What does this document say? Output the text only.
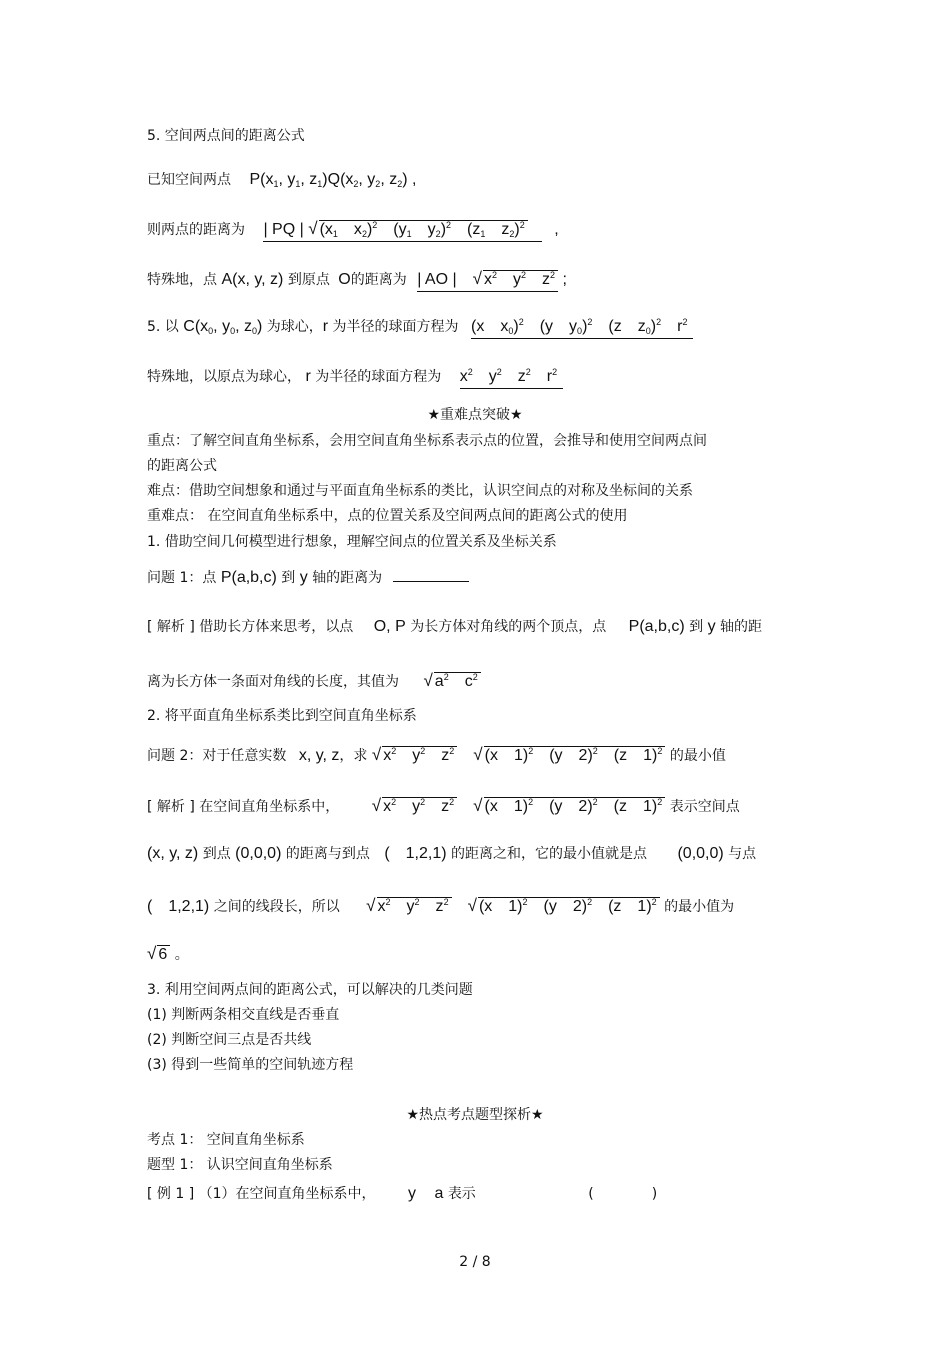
5. 空间两点间的距离公式
已知空间两点 $P(x_1$, $y_1$, $z_1)Q(x_2$, $y_2$, $z_2$) ,
则两点的距离为 | PQ | √ ($x_1$　$x_2)^2$　($y_1$　$y_2)^2$　($z_1$　$z_2)^2$ ,
特殊地，点 A(x, y, z) 到原点 O的距离为 | AO |　 √ $x^2$　$y^2$　$z^2$ ;
5. 以 $C(x_0$, $y_0$, $z_0$) 为球心，r 为半径的球面方程为 (x　$x_0)^2$　(y　$y_0)^2$　(z　$z_0)^2$　$r^2$
特殊地，以原点为球心， r 为半径的球面方程为 $x^2$　$y^2$　$z^2$　$r^2$
★重难点突破★
重点：了解空间直角坐标系，会用空间直角坐标系表示点的位置，会推导和使用空间两点间
的距离公式
难点：借助空间想象和通过与平面直角坐标系的类比，认识空间点的对称及坐标间的关系
重难点： 在空间直角坐标系中，点的位置关系及空间两点间的距离公式的使用
1. 借助空间几何模型进行想象，理解空间点的位置关系及坐标关系
问题 1：点 P(a,b,c) 到 y 轴的距离为
[ 解析 ] 借助长方体来思考，以点 O, P 为长方体对角线的两个顶点，点 P(a,b,c) 到 y 轴的距
离为长方体一条面对角线的长度，其值为 √ $a^2$　$c^2$
2. 将平面直角坐标系类比到空间直角坐标系
问题 2：对于任意实数 x, y, z，求 √ $x^2$　$y^2$　$z^2$　 √ (x　1)$^2$　(y　2)$^2$　(z　1)$^2$ 的最小值
[ 解析 ] 在空间直角坐标系中， √ $x^2$　$y^2$　$z^2$　 √ (x　1)$^2$　(y　2)$^2$　(z　1)$^2$ 表示空间点
(x, y, z) 到点 (0,0,0) 的距离与到点 (　1,2,1) 的距离之和，它的最小值就是点 (0,0,0) 与点
(　1,2,1) 之间的线段长，所以 √ $x^2$　$y^2$　$z^2$　 √ (x　1)$^2$　(y　2)$^2$　(z　1)$^2$ 的最小值为
√ 6 。
3. 利用空间两点间的距离公式，可以解决的几类问题
(1) 判断两条相交直线是否垂直
(2) 判断空间三点是否共线
(3) 得到一些简单的空间轨迹方程
★热点考点题型探析★
考点 1： 空间直角坐标系
题型 1： 认识空间直角坐标系
[ 例 1 ] （1）在空间直角坐标系中， y a 表示	(	)
2 / 8
